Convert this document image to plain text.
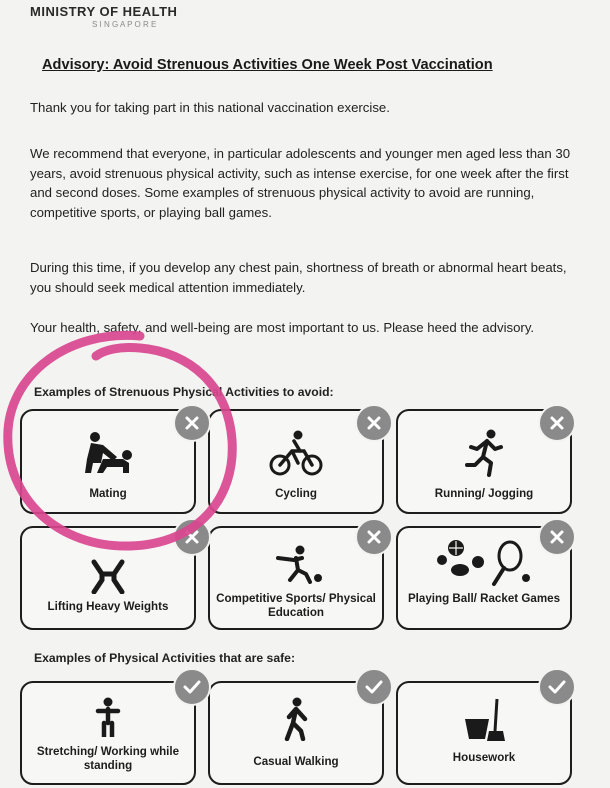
MINISTRY OF HEALTH
S I N G A P O R E
Advisory: Avoid Strenuous Activities One Week Post Vaccination
Thank you for taking part in this national vaccination exercise.
We recommend that everyone, in particular adolescents and younger men aged less than 30 years, avoid strenuous physical activity, such as intense exercise, for one week after the first and second doses. Some examples of strenuous physical activity to avoid are running, competitive sports, or playing ball games.
During this time, if you develop any chest pain, shortness of breath or abnormal heart beats, you should seek medical attention immediately.
Your health, safety, and well-being are most important to us. Please heed the advisory.
Examples of Strenuous Physical Activities to avoid:
Mating	Cycling	Running/ Jogging
Lifting Heavy Weights
Competitive Sports/ Physical Education
Playing Ball/ Racket Games
Examples of Physical Activities that are safe:
Stretching/ Working while standing	Casual Walking	Housework
